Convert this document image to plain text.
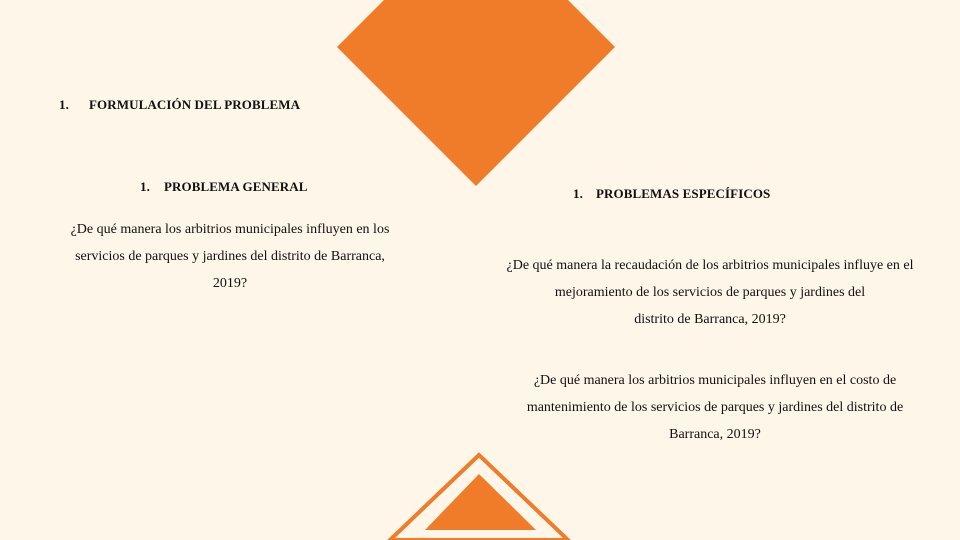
1. FORMULACIÓN DEL PROBLEMA
1. PROBLEMA GENERAL
¿De qué manera los arbitrios municipales influyen en los
servicios de parques y jardines del distrito de Barranca,
2019?
1. PROBLEMAS ESPECÍFICOS
¿De qué manera la recaudación de los arbitrios municipales influye en el
mejoramiento de los servicios de parques y jardines del
distrito de Barranca, 2019?
¿De qué manera los arbitrios municipales influyen en el costo de
mantenimiento de los servicios de parques y jardines del distrito de
Barranca, 2019?
